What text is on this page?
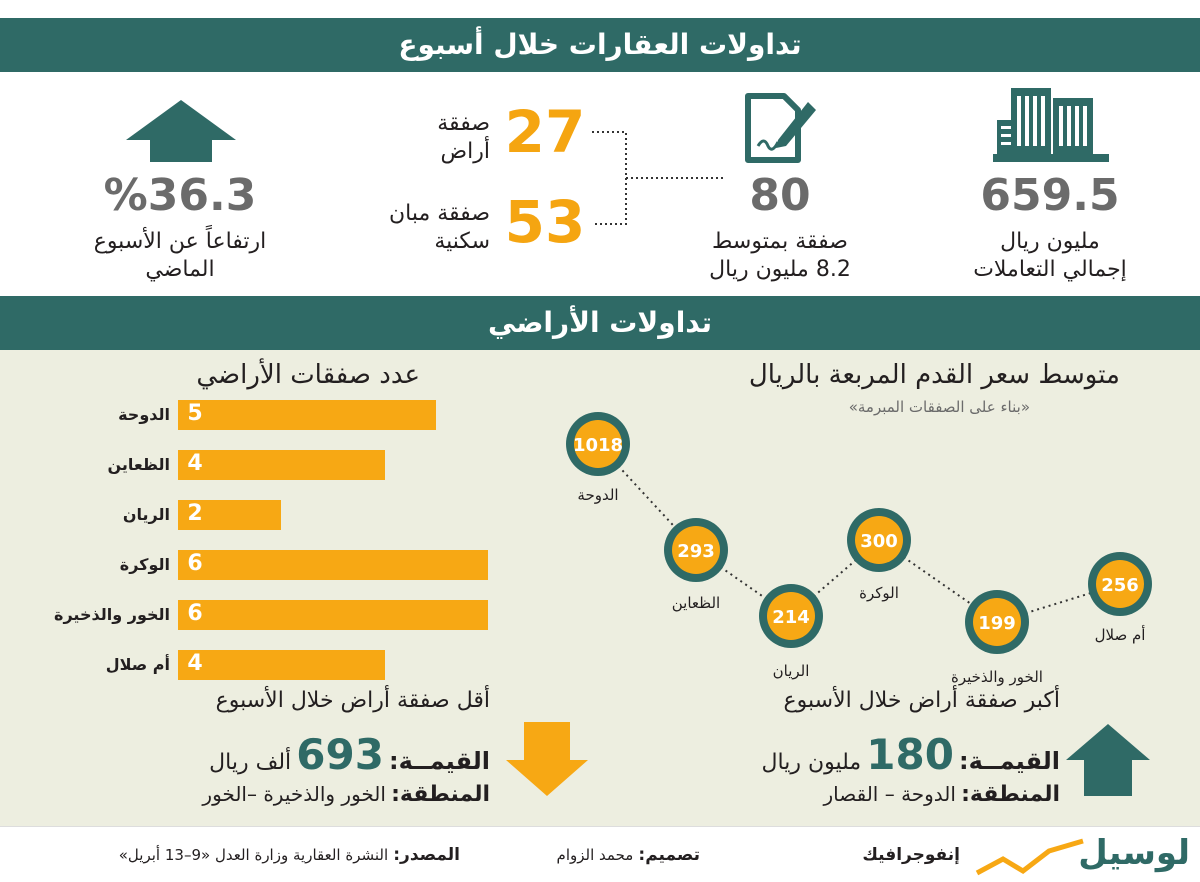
تداولات العقارات خلال أسبوع
659.5
مليون ريال
إجمالي التعاملات
80
صفقة بمتوسط
8.2 مليون ريال
27
صفقة
أراض
53
صفقة مبان
سكنية
%36.3
ارتفاعاً عن الأسبوع
الماضي
تداولات الأراضي
متوسط سعر القدم المربعة بالريال
«بناء على الصفقات المبرمة»
1018
الدوحة
293
الظعاين
214
الريان
300
الوكرة
199
الخور والذخيرة
256
أم صلال
عدد صفقات الأراضي
الدوحة 5
الظعاين 4
الريان 2
الوكرة 6
الخور والذخيرة 6
أم صلال 4
أكبر صفقة أراض خلال الأسبوع
القيمــة: 180 مليون ريال
المنطقة: الدوحة – القصار
أقل صفقة أراض خلال الأسبوع
القيمــة: 693 ألف ريال
المنطقة: الخور والذخيرة –الخور
لوسيل
إنفوجرافيك
تصميم: محمد الزوام
المصدر: النشرة العقارية وزارة العدل «9–13 أبريل»
